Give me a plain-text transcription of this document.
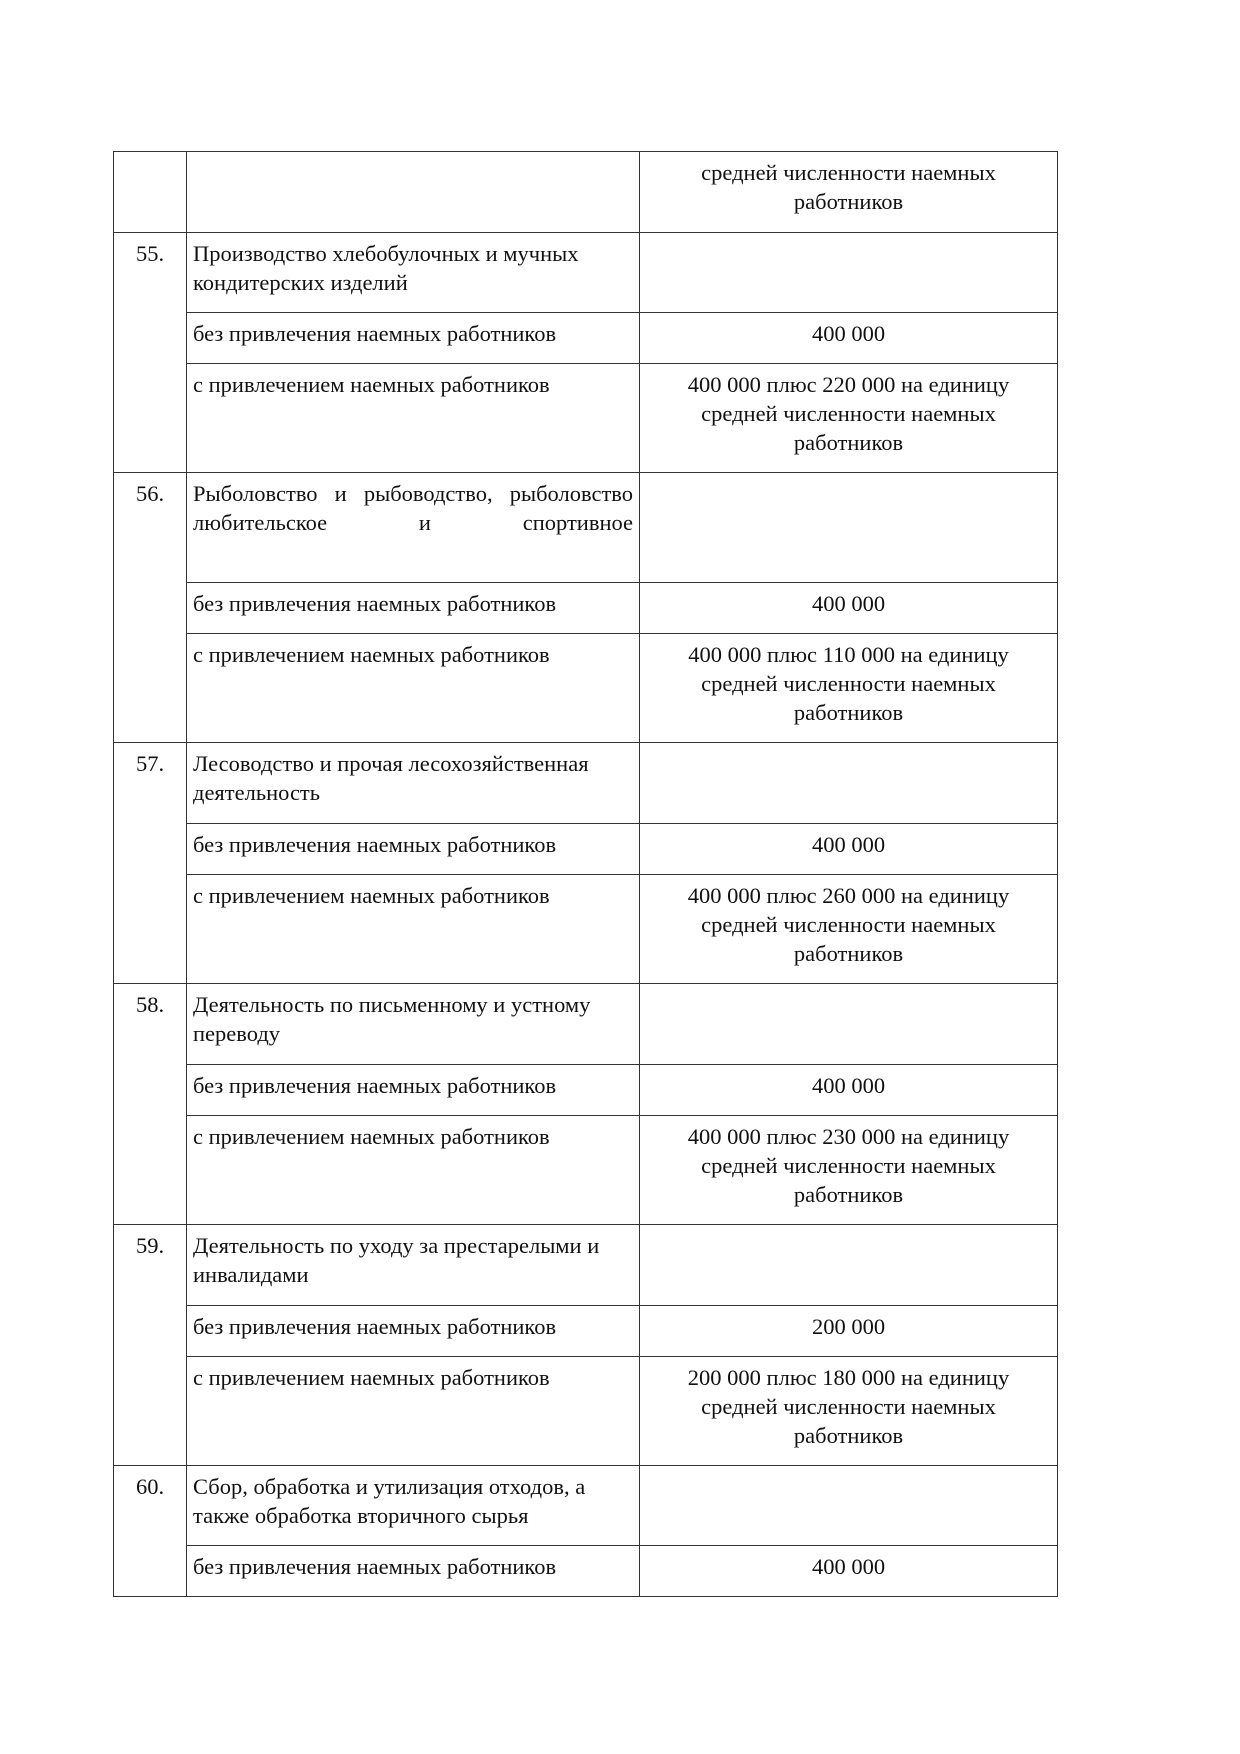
		средней численности наемных работников
55.	Производство хлебобулочных и мучных кондитерских изделий	
	без привлечения наемных работников	400 000
	с привлечением наемных работников	400 000 плюс 220 000 на единицу средней численности наемных работников
56.	Рыболовство и рыбоводство, рыболовство любительское и спортивное	
	без привлечения наемных работников	400 000
	с привлечением наемных работников	400 000 плюс 110 000 на единицу средней численности наемных работников
57.	Лесоводство и прочая лесохозяйственная деятельность	
	без привлечения наемных работников	400 000
	с привлечением наемных работников	400 000 плюс 260 000 на единицу средней численности наемных работников
58.	Деятельность по письменному и устному переводу	
	без привлечения наемных работников	400 000
	с привлечением наемных работников	400 000 плюс 230 000 на единицу средней численности наемных работников
59.	Деятельность по уходу за престарелыми и инвалидами	
	без привлечения наемных работников	200 000
	с привлечением наемных работников	200 000 плюс 180 000 на единицу средней численности наемных работников
60.	Сбор, обработка и утилизация отходов, а также обработка вторичного сырья	
	без привлечения наемных работников	400 000
